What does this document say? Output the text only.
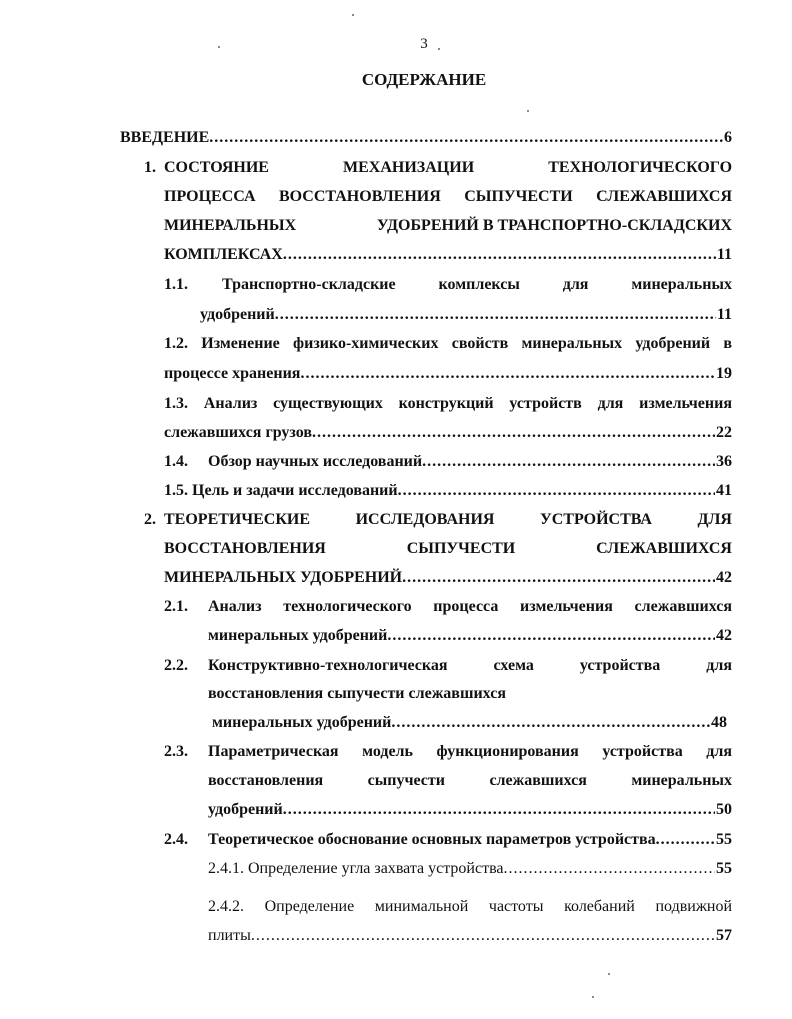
3
СОДЕРЖАНИЕ
ВВЕДЕНИЕ .....	6
1. СОСТОЯНИЕ	МЕХАНИЗАЦИИ	ТЕХНОЛОГИЧЕСКОГО
ПРОЦЕССА ВОССТАНОВЛЕНИЯ СЫПУЧЕСТИ СЛЕЖАВШИХСЯ
МИНЕРАЛЬНЫХ	УДОБРЕНИЙ В ТРАНСПОРТНО-СКЛАДСКИХ
КОМПЛЕКСАХ .....	11
1.1. Транспортно-складские	комплексы	для	минеральных
удобрений .....	11
1.2. Изменение физико-химических свойств минеральных удобрений в
процессе хранения .....	19
1.3. Анализ существующих конструкций устройств для измельчения
слежавшихся грузов .....	22
1.4. Обзор научных исследований .....	36
1.5. Цель и задачи исследований .....	41
2. ТЕОРЕТИЧЕСКИЕ	ИССЛЕДОВАНИЯ	УСТРОЙСТВА	ДЛЯ
ВОССТАНОВЛЕНИЯ	СЫПУЧЕСТИ	СЛЕЖАВШИХСЯ
МИНЕРАЛЬНЫХ УДОБРЕНИЙ .....	42
2.1. Анализ технологического процесса измельчения слежавшихся
минеральных удобрений .....	42
2.2. Конструктивно-технологическая	схема	устройства	для
восстановления сыпучести слежавшихся
минеральных удобрений .....	48
2.3. Параметрическая модель функционирования устройства для
восстановления	сыпучести	слежавшихся	минеральных
удобрений .....	50
2.4. Теоретическое обоснование основных параметров устройства .....	55
2.4.1. Определение угла захвата устройства .....	55
2.4.2. Определение минимальной частоты колебаний подвижной
плиты .....	57
